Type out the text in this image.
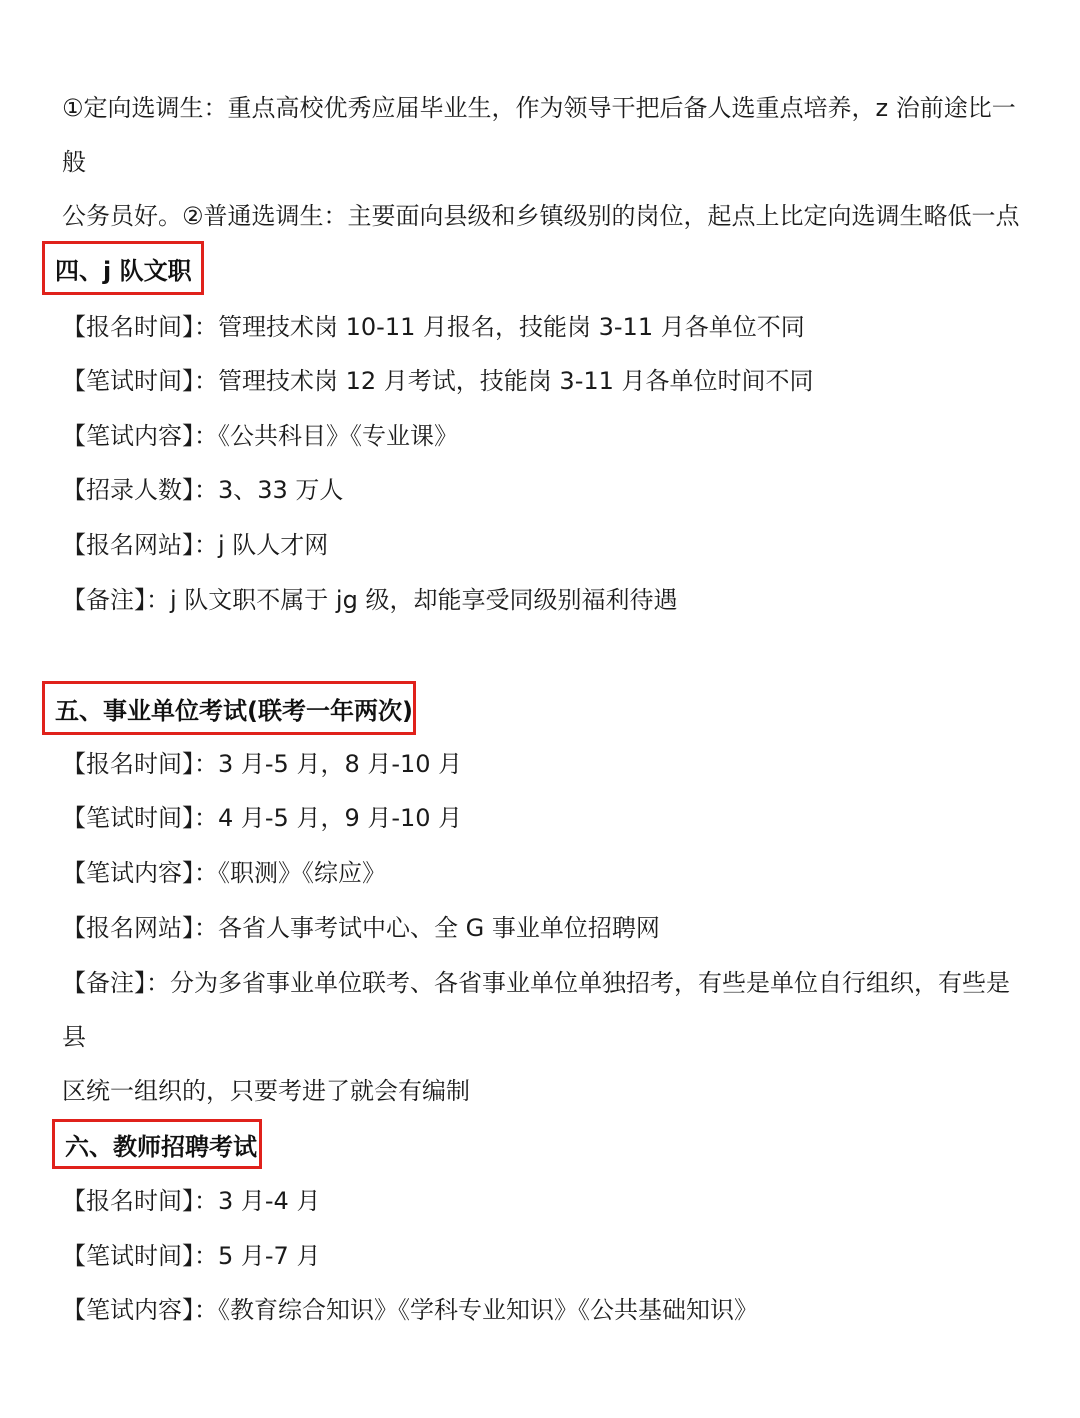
①定向选调生：重点高校优秀应届毕业生，作为领导干把后备人选重点培养，z 治前途比一般
公务员好。②普通选调生：主要面向县级和乡镇级别的岗位，起点上比定向选调生略低一点
四、j 队文职
【报名时间】：管理技术岗 10-11 月报名，技能岗 3-11 月各单位不同
【笔试时间】：管理技术岗 12 月考试，技能岗 3-11 月各单位时间不同
【笔试内容】：《公共科目》《专业课》
【招录人数】：3、33 万人
【报名网站】：j 队人才网
【备注】：j 队文职不属于 jg 级，却能享受同级别福利待遇
五、事业单位考试(联考一年两次)
【报名时间】：3 月-5 月，8 月-10 月
【笔试时间】：4 月-5 月，9 月-10 月
【笔试内容】：《职测》《综应》
【报名网站】：各省人事考试中心、全 G 事业单位招聘网
【备注】：分为多省事业单位联考、各省事业单位单独招考，有些是单位自行组织，有些是县
区统一组织的，只要考进了就会有编制
六、教师招聘考试
【报名时间】：3 月-4 月
【笔试时间】：5 月-7 月
【笔试内容】：《教育综合知识》《学科专业知识》《公共基础知识》
